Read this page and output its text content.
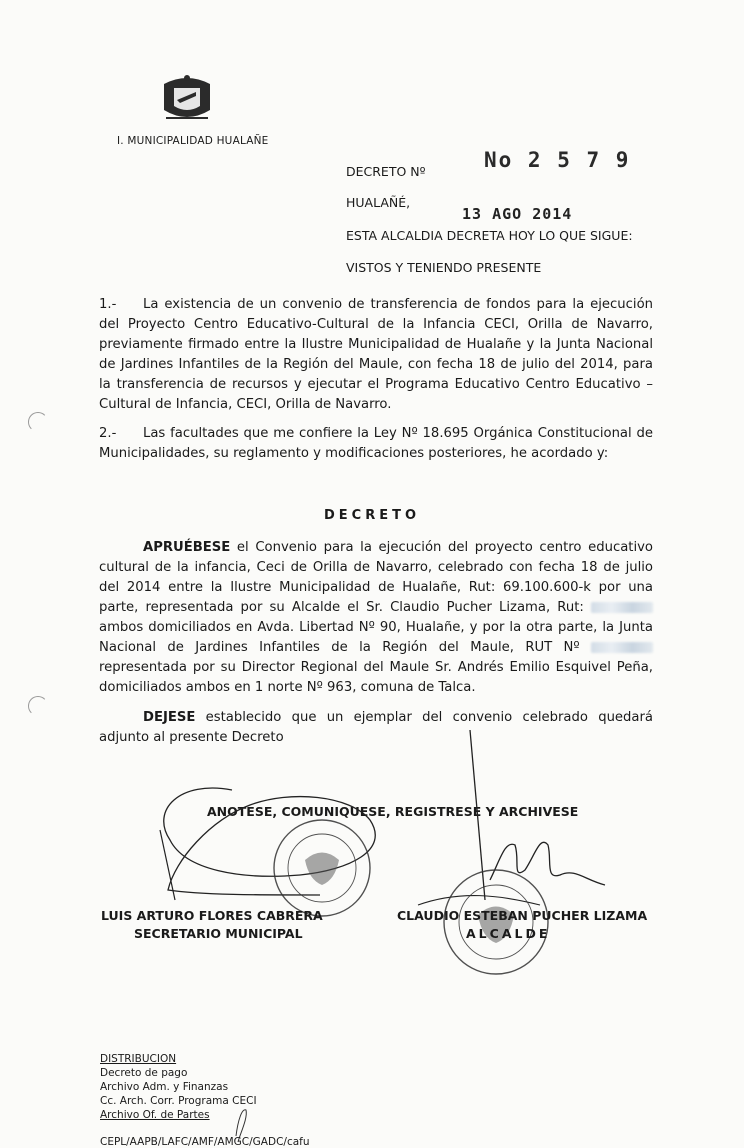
I. MUNICIPALIDAD HUALAÑE
DECRETO Nº	No 2 5 7 9
HUALAÑÉ,
13 AGO 2014
ESTA ALCALDIA DECRETA HOY LO QUE SIGUE:
VISTOS Y TENIENDO PRESENTE
1.- La existencia de un convenio de transferencia de fondos para la ejecución del Proyecto Centro Educativo-Cultural de la Infancia CECI, Orilla de Navarro, previamente firmado entre la Ilustre Municipalidad de Hualañe y la Junta Nacional de Jardines Infantiles de la Región del Maule, con fecha 18 de julio del 2014, para la transferencia de recursos y ejecutar el Programa Educativo Centro Educativo – Cultural de Infancia, CECI, Orilla de Navarro.
2.- Las facultades que me confiere la Ley Nº 18.695 Orgánica Constitucional de Municipalidades, su reglamento y modificaciones posteriores, he acordado y:
DECRETO
APRUÉBESE el Convenio para la ejecución del proyecto centro educativo cultural de la infancia, Ceci de Orilla de Navarro, celebrado con fecha 18 de julio del 2014 entre la Ilustre Municipalidad de Hualañe, Rut: 69.100.600-k por una parte, representada por su Alcalde el Sr. Claudio Pucher Lizama, Rut:  ambos domiciliados en Avda. Libertad Nº 90, Hualañe, y por la otra parte, la Junta Nacional de Jardines Infantiles de la Región del Maule, RUT Nº  representada por su Director Regional del Maule Sr. Andrés Emilio Esquivel Peña, domiciliados ambos en 1 norte Nº 963, comuna de Talca.
DEJESE establecido que un ejemplar del convenio celebrado quedará adjunto al presente Decreto
ANOTESE, COMUNIQUESE, REGISTRESE Y ARCHIVESE
LUIS ARTURO FLORES CABRERA
SECRETARIO MUNICIPAL
CLAUDIO ESTEBAN PUCHER LIZAMA
ALCALDE
DISTRIBUCION
Decreto de pago
Archivo Adm. y Finanzas
Cc. Arch. Corr. Programa CECI
Archivo Of. de Partes
CEPL/AAPB/LAFC/AMF/AMGC/GADC/cafu
